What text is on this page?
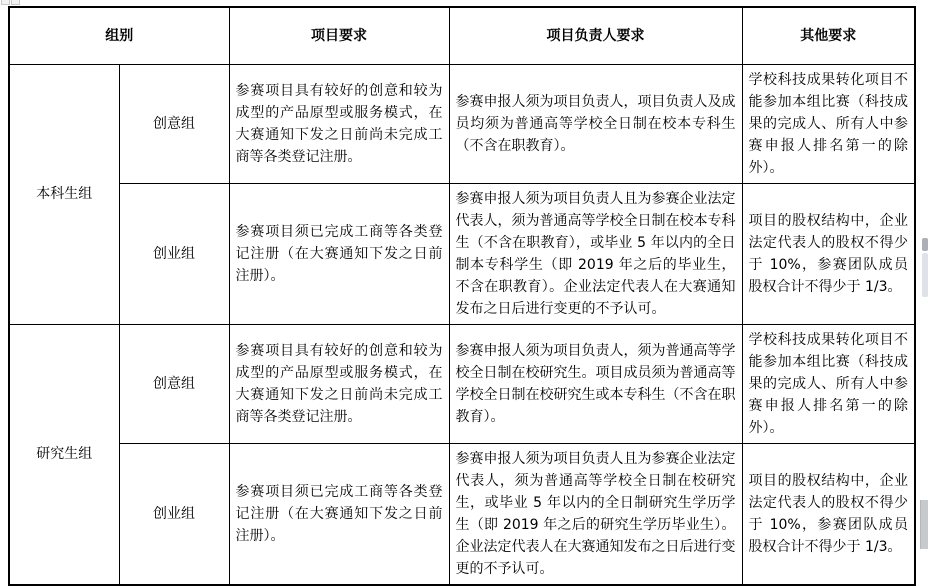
组别		项目要求	项目负责人要求	其他要求
本科生组	创意组	参赛项目具有较好的创意和较为成型的产品原型或服务模式，在大赛通知下发之日前尚未完成工商等各类登记注册。	参赛申报人须为项目负责人，项目负责人及成员均须为普通高等学校全日制在校本专科生（不含在职教育）。	学校科技成果转化项目不能参加本组比赛（科技成果的完成人、所有人中参赛申报人排名第一的除外）。
	创业组	参赛项目须已完成工商等各类登记注册（在大赛通知下发之日前注册）。	参赛申报人须为项目负责人且为参赛企业法定代表人，须为普通高等学校全日制在校本专科生（不含在职教育），或毕业 5 年以内的全日制本专科学生（即 2019 年之后的毕业生，不含在职教育）。企业法定代表人在大赛通知发布之日后进行变更的不予认可。	项目的股权结构中，企业法定代表人的股权不得少于 10%，参赛团队成员股权合计不得少于 1/3。
研究生组	创意组	参赛项目具有较好的创意和较为成型的产品原型或服务模式，在大赛通知下发之日前尚未完成工商等各类登记注册。	参赛申报人须为项目负责人，须为普通高等学校全日制在校研究生。项目成员须为普通高等学校全日制在校研究生或本专科生（不含在职教育）。	学校科技成果转化项目不能参加本组比赛（科技成果的完成人、所有人中参赛申报人排名第一的除外）。
	创业组	参赛项目须已完成工商等各类登记注册（在大赛通知下发之日前注册）。	参赛申报人须为项目负责人且为参赛企业法定代表人，须为普通高等学校全日制在校研究生，或毕业 5 年以内的全日制研究生学历学生（即 2019 年之后的研究生学历毕业生）。企业法定代表人在大赛通知发布之日后进行变更的不予认可。	项目的股权结构中，企业法定代表人的股权不得少于 10%，参赛团队成员股权合计不得少于 1/3。
